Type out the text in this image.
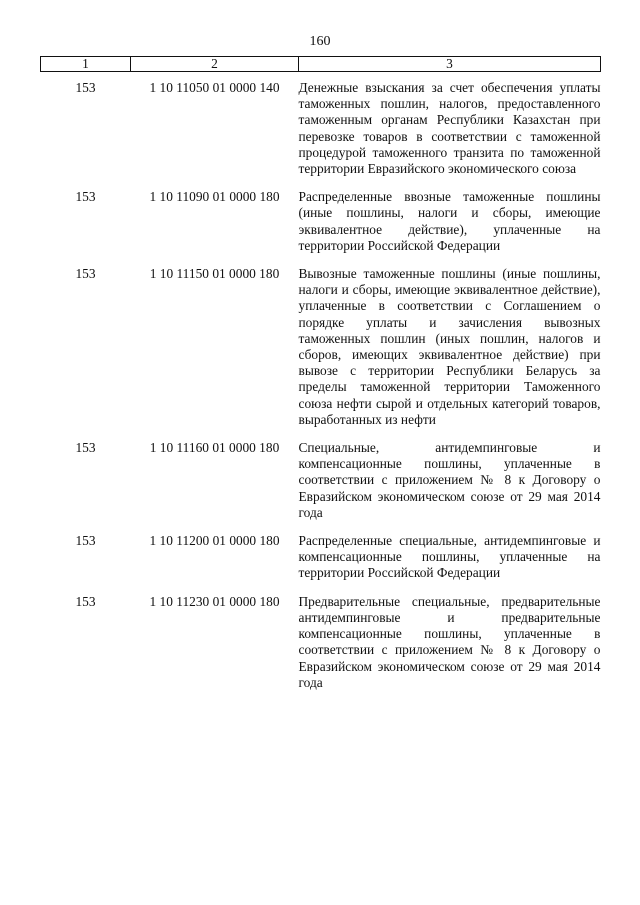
160
1	2	3
153	1 10 11050 01 0000 140	Денежные взыскания за счет обеспечения уплаты таможенных пошлин, налогов, предоставленного таможенным органам Республики Казахстан при перевозке товаров в соответствии с таможенной процедурой таможенного транзита по таможенной территории Евразийского экономического союза
153	1 10 11090 01 0000 180	Распределенные ввозные таможенные пошлины (иные пошлины, налоги и сборы, имеющие эквивалентное действие), уплаченные на территории Российской Федерации
153	1 10 11150 01 0000 180	Вывозные таможенные пошлины (иные пошлины, налоги и сборы, имеющие эквивалентное действие), уплаченные в соответствии с Соглашением о порядке уплаты и зачисления вывозных таможенных пошлин (иных пошлин, налогов и сборов, имеющих эквивалентное действие) при вывозе с территории Республики Беларусь за пределы таможенной территории Таможенного союза нефти сырой и отдельных категорий товаров, выработанных из нефти
153	1 10 11160 01 0000 180	Специальные, антидемпинговые и компенсационные пошлины, уплаченные в соответствии с приложением № 8 к Договору о Евразийском экономическом союзе от 29 мая 2014 года
153	1 10 11200 01 0000 180	Распределенные специальные, антидемпинговые и компенсационные пошлины, уплаченные на территории Российской Федерации
153	1 10 11230 01 0000 180	Предварительные специальные, предварительные антидемпинговые и предварительные компенсационные пошлины, уплаченные в соответствии с приложением № 8 к Договору о Евразийском экономическом союзе от 29 мая 2014 года
